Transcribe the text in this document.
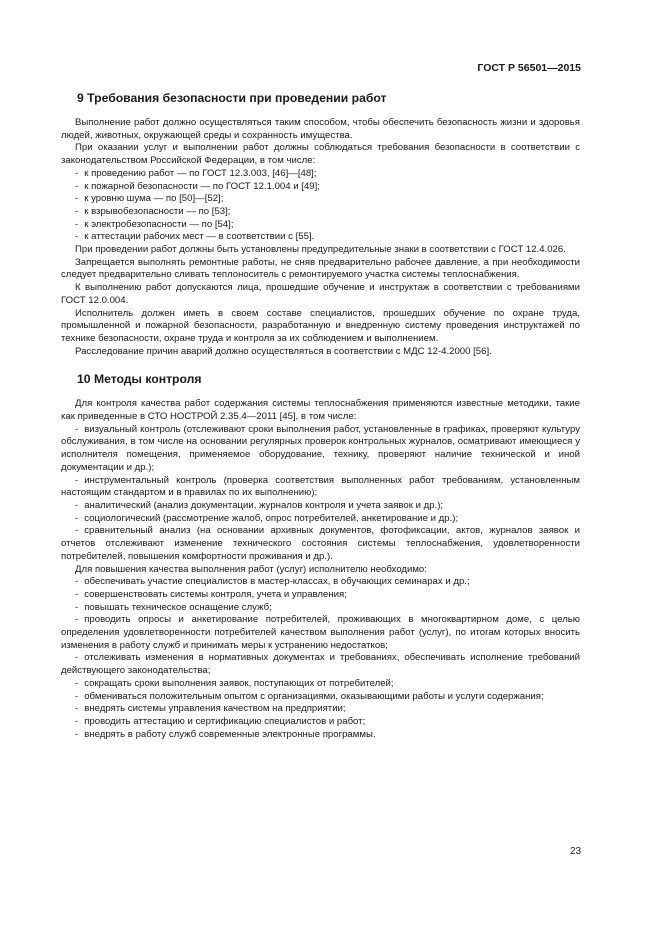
ГОСТ Р 56501—2015
9 Требования безопасности при проведении работ

Выполнение работ должно осуществляться таким способом, чтобы обеспечить безопасность жизни и здоровья людей, животных, окружающей среды и сохранность имущества.

При оказании услуг и выполнении работ должны соблюдаться требования безопасности в соответствии с законодательством Российской Федерации, в том числе:

- к проведению работ — по ГОСТ 12.3.003, [46]—[48];
- к пожарной безопасности — по ГОСТ 12.1.004 и [49];
- к уровню шума — по [50]—[52];
- к взрывобезопасности — по [53];
- к электробезопасности — по [54];
- к аттестации рабочих мест — в соответствии с [55].

При проведении работ должны быть установлены предупредительные знаки в соответствии с ГОСТ 12.4.026.

Запрещается выполнять ремонтные работы, не сняв предварительно рабочее давление, а при необходимости следует предварительно сливать теплоноситель с ремонтируемого участка системы теплоснабжения.

К выполнению работ допускаются лица, прошедшие обучение и инструктаж в соответствии с требованиями ГОСТ 12.0.004.

Исполнитель должен иметь в своем составе специалистов, прошедших обучение по охране труда, промышленной и пожарной безопасности, разработанную и внедренную систему проведения инструктажей по технике безопасности, охране труда и контроля за их соблюдением и выполнением.

Расследование причин аварий должно осуществляться в соответствии с МДС 12-4.2000 [56].

10 Методы контроля

Для контроля качества работ содержания системы теплоснабжения применяются известные методики, такие как приведенные в СТО НОСТРОЙ 2.35.4—2011 [45], в том числе:

- визуальный контроль (отслеживают сроки выполнения работ, установленные в графиках, проверяют культуру обслуживания, в том числе на основании регулярных проверок контрольных журналов, осматривают имеющиеся у исполнителя помещения, применяемое оборудование, технику, проверяют наличие технической и иной документации и др.);
- инструментальный контроль (проверка соответствия выполненных работ требованиям, установленным настоящим стандартом и в правилах по их выполнению);
- аналитический (анализ документации, журналов контроля и учета заявок и др.);
- социологический (рассмотрение жалоб, опрос потребителей, анкетирование и др.);
- сравнительный анализ (на основании архивных документов, фотофиксации, актов, журналов заявок и отчетов отслеживают изменение технического состояния системы теплоснабжения, удовлетворенности потребителей, повышения комфортности проживания и др.).

Для повышения качества выполнения работ (услуг) исполнителю необходимо:

- обеспечивать участие специалистов в мастер-классах, в обучающих семинарах и др.;
- совершенствовать системы контроля, учета и управления;
- повышать техническое оснащение служб;
- проводить опросы и анкетирование потребителей, проживающих в многоквартирном доме, с целью определения удовлетворенности потребителей качеством выполнения работ (услуг), по итогам которых вносить изменения в работу служб и принимать меры к устранению недостатков;
- отслеживать изменения в нормативных документах и требованиях, обеспечивать исполнение требований действующего законодательства;
- сокращать сроки выполнения заявок, поступающих от потребителей;
- обмениваться положительным опытом с организациями, оказывающими работы и услуги содержания;
- внедрять системы управления качеством на предприятии;
- проводить аттестацию и сертификацию специалистов и работ;
- внедрять в работу служб современные электронные программы.
23
